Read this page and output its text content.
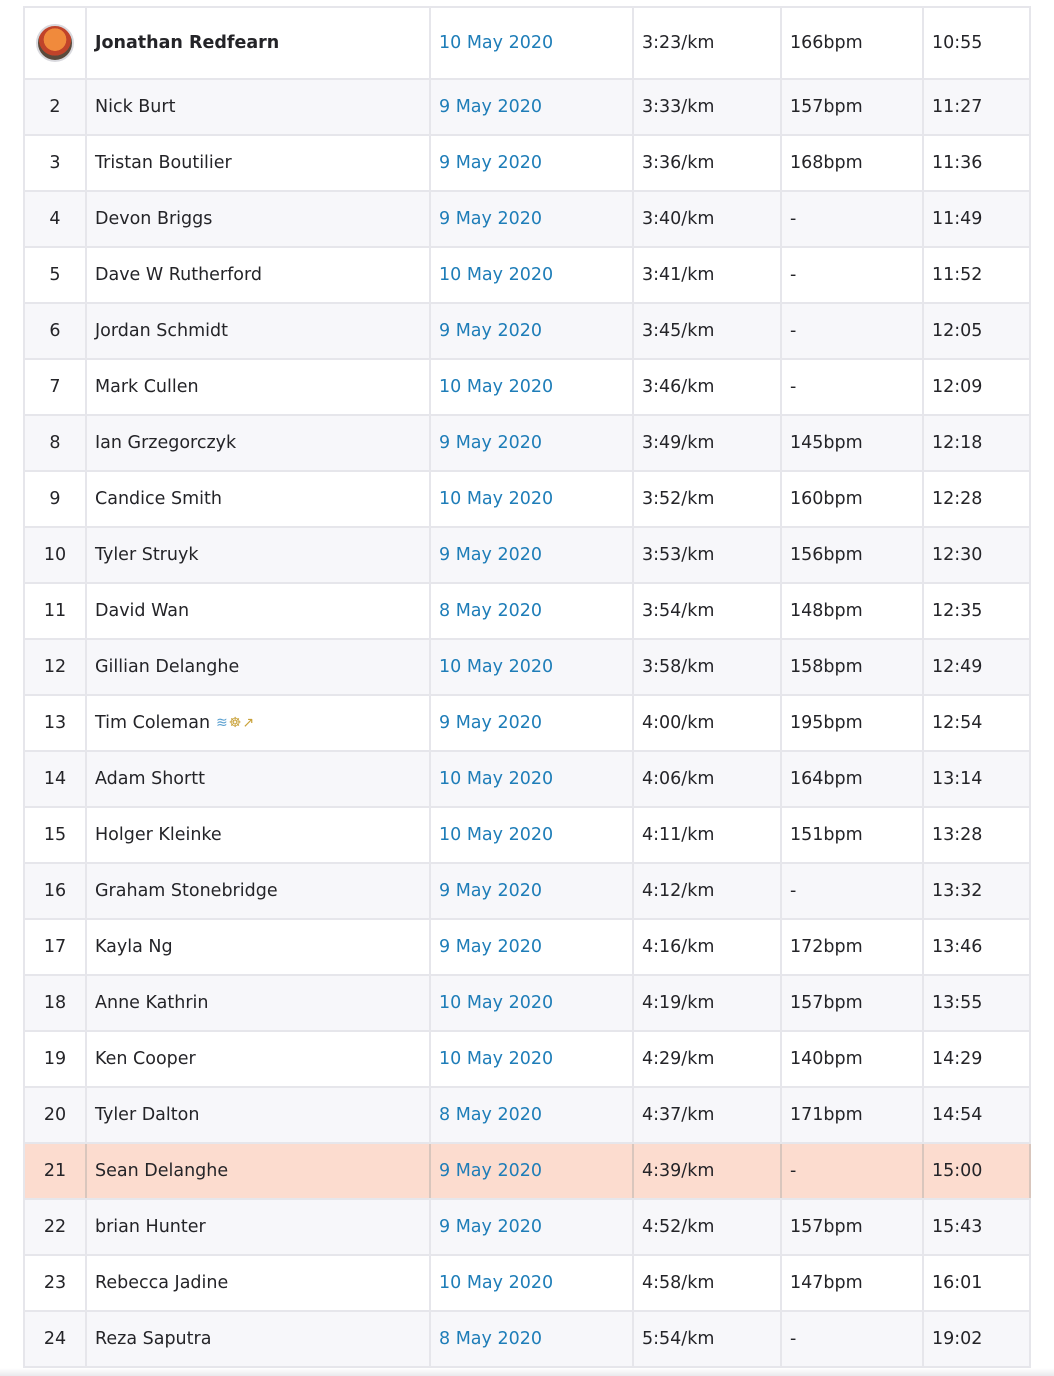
	Jonathan Redfearn	10 May 2020	3:23/km	166bpm	10:55
2	Nick Burt	9 May 2020	3:33/km	157bpm	11:27
3	Tristan Boutilier	9 May 2020	3:36/km	168bpm	11:36
4	Devon Briggs	9 May 2020	3:40/km	-	11:49
5	Dave W Rutherford	10 May 2020	3:41/km	-	11:52
6	Jordan Schmidt	9 May 2020	3:45/km	-	12:05
7	Mark Cullen	10 May 2020	3:46/km	-	12:09
8	Ian Grzegorczyk	9 May 2020	3:49/km	145bpm	12:18
9	Candice Smith	10 May 2020	3:52/km	160bpm	12:28
10	Tyler Struyk	9 May 2020	3:53/km	156bpm	12:30
11	David Wan	8 May 2020	3:54/km	148bpm	12:35
12	Gillian Delanghe	10 May 2020	3:58/km	158bpm	12:49
13	Tim Coleman ≋☸↗	9 May 2020	4:00/km	195bpm	12:54
14	Adam Shortt	10 May 2020	4:06/km	164bpm	13:14
15	Holger Kleinke	10 May 2020	4:11/km	151bpm	13:28
16	Graham Stonebridge	9 May 2020	4:12/km	-	13:32
17	Kayla Ng	9 May 2020	4:16/km	172bpm	13:46
18	Anne Kathrin	10 May 2020	4:19/km	157bpm	13:55
19	Ken Cooper	10 May 2020	4:29/km	140bpm	14:29
20	Tyler Dalton	8 May 2020	4:37/km	171bpm	14:54
21	Sean Delanghe	9 May 2020	4:39/km	-	15:00
22	brian Hunter	9 May 2020	4:52/km	157bpm	15:43
23	Rebecca Jadine	10 May 2020	4:58/km	147bpm	16:01
24	Reza Saputra	8 May 2020	5:54/km	-	19:02
